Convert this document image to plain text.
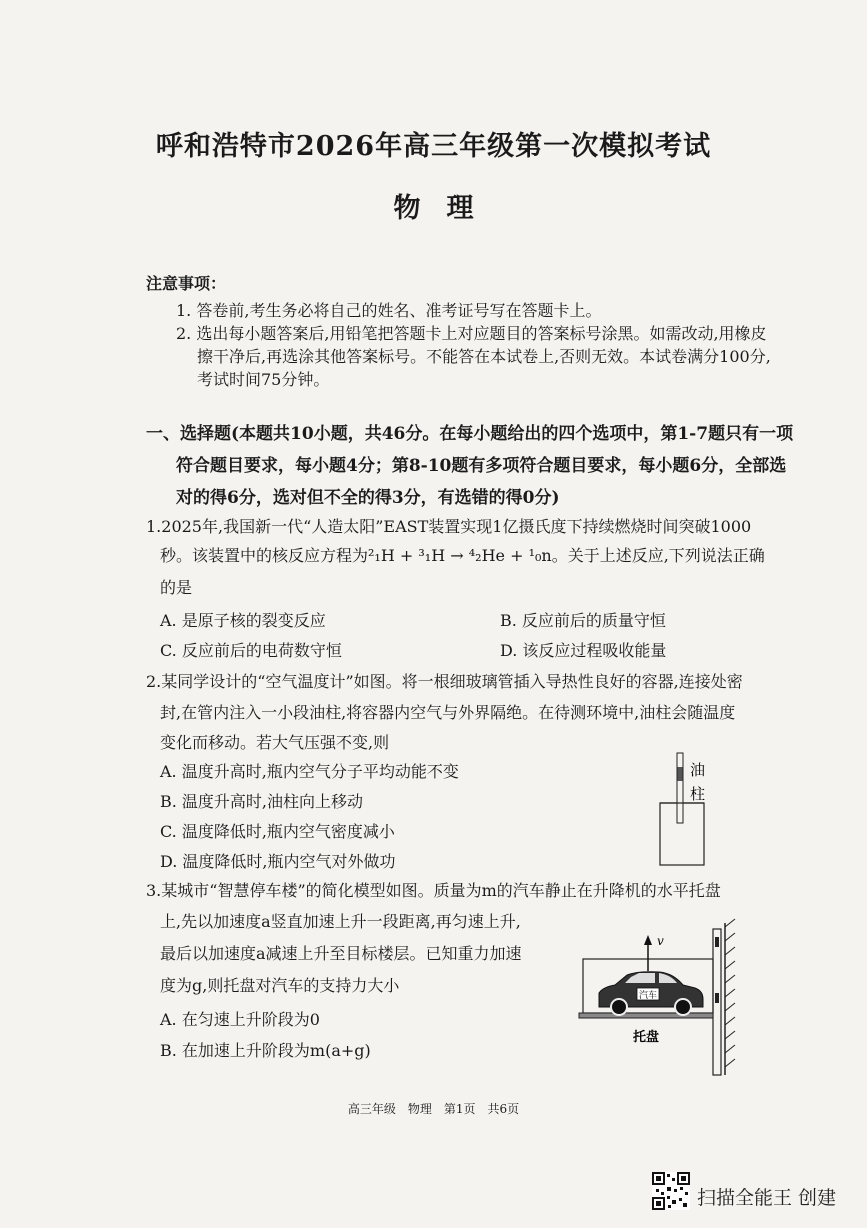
呼和浩特市2026年高三年级第一次模拟考试
物理
注意事项：
1. 答卷前,考生务必将自己的姓名、准考证号写在答题卡上。
2. 选出每小题答案后,用铅笔把答题卡上对应题目的答案标号涂黑。如需改动,用橡皮
擦干净后,再选涂其他答案标号。不能答在本试卷上,否则无效。本试卷满分100分,
考试时间75分钟。
一、选择题(本题共10小题，共46分。在每小题给出的四个选项中，第1-7题只有一项
符合题目要求，每小题4分；第8-10题有多项符合题目要求，每小题6分，全部选
对的得6分，选对但不全的得3分，有选错的得0分)
1.2025年,我国新一代“人造太阳”EAST装置实现1亿摄氏度下持续燃烧时间突破1000
秒。该装置中的核反应方程为²₁H + ³₁H → ⁴₂He + ¹₀n。关于上述反应,下列说法正确
的是
A. 是原子核的裂变反应	B. 反应前后的质量守恒
C. 反应前后的电荷数守恒	D. 该反应过程吸收能量
2.某同学设计的“空气温度计”如图。将一根细玻璃管插入导热性良好的容器,连接处密
封,在管内注入一小段油柱,将容器内空气与外界隔绝。在待测环境中,油柱会随温度
变化而移动。若大气压强不变,则
A. 温度升高时,瓶内空气分子平均动能不变
B. 温度升高时,油柱向上移动
C. 温度降低时,瓶内空气密度减小
D. 温度降低时,瓶内空气对外做功
油
柱
3.某城市“智慧停车楼”的简化模型如图。质量为m的汽车静止在升降机的水平托盘
上,先以加速度a竖直加速上升一段距离,再匀速上升,
最后以加速度a减速上升至目标楼层。已知重力加速
度为g,则托盘对汽车的支持力大小
A. 在匀速上升阶段为0
B. 在加速上升阶段为m(a+g)
汽车
v
托盘
高三年级　物理　第1页　共6页
扫描全能王 创建
